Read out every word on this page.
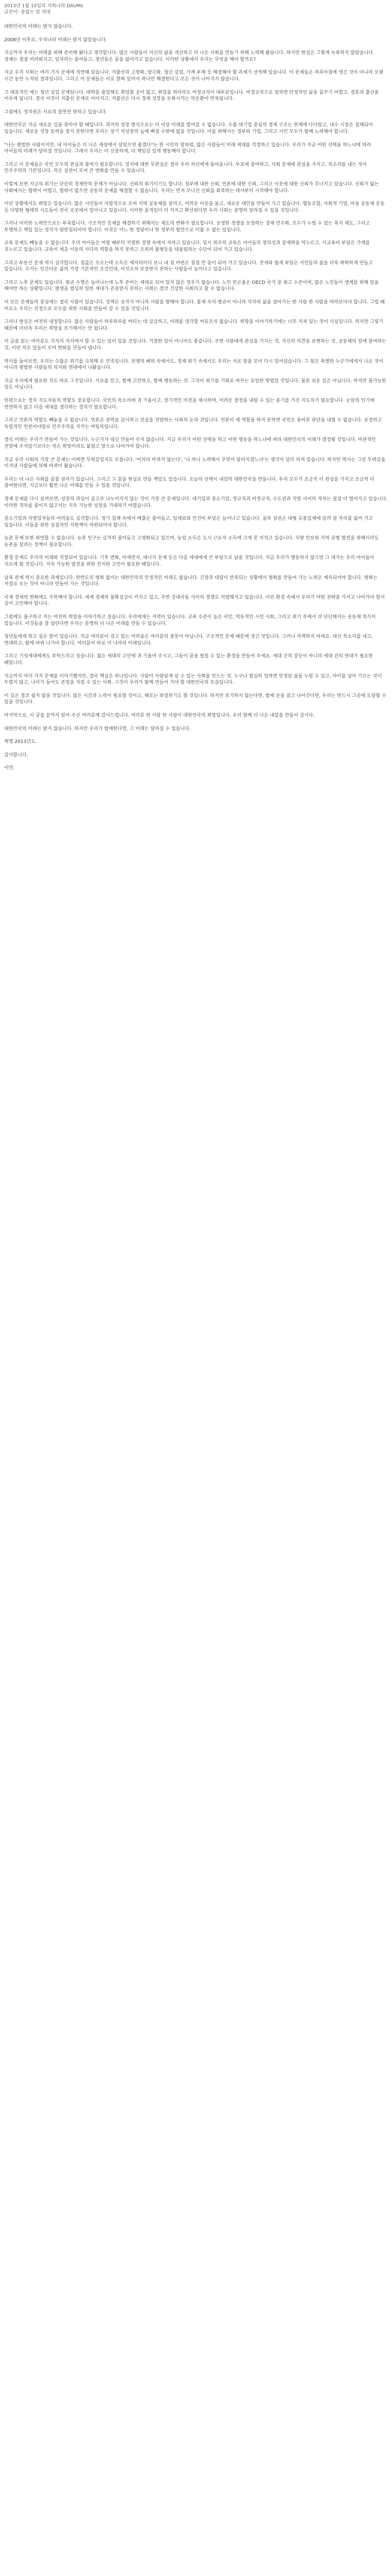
2013년 1월 10일의 저희나라 DAUMs

글쓴이: 솔없는 맘 적대

대한민국의 미래는 밝지 않습니다.

2008년 이후로, 우리나라 미래는 밝지 않았습니다.

지금까지 우리는 미래를 위해 준비해 왔다고 생각합니다. 많은 사람들이 자신의 삶을 개선하고 더 나은 사회를 만들기 위해 노력해 왔습니다. 하지만 현실은 그렇게 녹록하지 않았습니다. 경제는 점점 어려워지고, 일자리는 줄어들고, 청년들은 꿈을 잃어가고 있습니다. 이러한 상황에서 우리는 무엇을 해야 할까요?

지금 우리 사회는 여러 가지 문제에 직면해 있습니다. 저출산과 고령화, 양극화, 청년 실업, 가계 부채 등 해결해야 할 과제가 산적해 있습니다. 이 문제들은 하루아침에 생긴 것이 아니라 오랜 시간 동안 누적된 결과입니다. 그리고 이 문제들은 서로 얽혀 있어서 하나만 해결한다고 모든 것이 나아지지 않습니다.

그 대표적인 예는 청년 실업 문제입니다. 대학을 졸업해도 취업할 곳이 없고, 취업을 하더라도 비정규직이 대부분입니다. 비정규직으로 일하면 안정적인 삶을 꿈꾸기 어렵고, 결혼과 출산을 미루게 됩니다. 결국 이것이 저출산 문제로 이어지고, 저출산은 다시 경제 성장을 둔화시키는 악순환이 반복됩니다.

그럼에도 정치권은 서로의 잘못만 탓하고 있습니다.

대한민국은 지금 새로운 길을 찾아야 할 때입니다. 과거의 성장 방식으로는 더 이상 미래를 열어갈 수 없습니다. 수출 대기업 중심의 경제 구조는 한계에 다다랐고, 내수 시장은 침체되어 있습니다. 새로운 성장 동력을 찾지 못한다면 우리는 장기 저성장의 늪에 빠질 수밖에 없을 것입니다. 이를 위해서는 정부와 기업, 그리고 시민 모두가 함께 노력해야 합니다.

"나는 평범한 사람이지만, 내 아이들은 더 나은 세상에서 살았으면 좋겠다"는 한 시민의 말처럼, 많은 사람들이 미래 세대를 걱정하고 있습니다. 우리가 지금 어떤 선택을 하느냐에 따라 아이들의 미래가 달라질 것입니다. 그래서 우리는 더 신중하게, 더 책임감 있게 행동해야 합니다.

그리고 이 문제들은 국민 모두의 관심과 참여가 필요합니다. 정치에 대한 무관심은 결국 우리 자신에게 돌아옵니다. 투표에 참여하고, 사회 문제에 관심을 가지고, 목소리를 내는 것이 민주주의의 기본입니다. 작은 실천이 모여 큰 변화를 만들 수 있습니다.

이렇게 보면 지금의 위기는 단순히 경제만의 문제가 아닙니다. 신뢰의 위기이기도 합니다. 정부에 대한 신뢰, 언론에 대한 신뢰, 그리고 이웃에 대한 신뢰가 무너지고 있습니다. 신뢰가 없는 사회에서는 협력이 어렵고, 협력이 없으면 공동의 문제를 해결할 수 없습니다. 우리는 먼저 무너진 신뢰를 회복하는 데서부터 시작해야 합니다.

이런 상황에서도 희망은 있습니다. 많은 시민들이 자발적으로 모여 지역 공동체를 살리고, 어려운 이웃을 돕고, 새로운 대안을 만들어 가고 있습니다. 협동조합, 사회적 기업, 마을 공동체 운동 등 다양한 형태의 시도들이 전국 곳곳에서 일어나고 있습니다. 이러한 움직임이 더 커지고 확산된다면 우리 사회는 분명히 달라질 수 있을 것입니다.

그러나 이러한 노력만으로는 부족합니다. 구조적인 문제를 해결하기 위해서는 제도의 변화가 필요합니다. 공정한 경쟁을 보장하는 경제 민주화, 모두가 누릴 수 있는 복지 제도, 그리고 투명하고 책임 있는 정치가 뒷받침되어야 합니다. 이것은 어느 한 정당이나 한 정부의 힘만으로 이룰 수 없는 일입니다.

교육 문제도 빼놓을 수 없습니다. 우리 아이들은 어릴 때부터 치열한 경쟁 속에서 자라고 있습니다. 입시 위주의 교육은 아이들의 창의성과 잠재력을 억누르고, 사교육비 부담은 가계를 짓누르고 있습니다. 교육이 계층 이동의 사다리 역할을 하지 못하고 오히려 불평등을 대물림하는 수단이 되어 가고 있습니다.

그리고 부동산 문제 역시 심각합니다. 집값은 오르는데 소득은 제자리이다 보니 내 집 마련은 점점 먼 꿈이 되어 가고 있습니다. 전세와 월세 부담은 서민들의 삶을 더욱 팍팍하게 만들고 있습니다. 주거는 인간다운 삶의 가장 기본적인 조건인데, 이것조차 보장받지 못하는 사람들이 늘어나고 있습니다.

그리고 노후 문제도 있습니다. 평균 수명은 늘어나는데 노후 준비는 제대로 되어 있지 않은 경우가 많습니다. 노인 빈곤율은 OECD 국가 중 최고 수준이며, 많은 노인들이 생계를 위해 일을 해야만 하는 상황입니다. 평생을 열심히 일한 세대가 존중받지 못하는 사회는 결코 건강한 사회라고 할 수 없습니다.

이 모든 문제들의 중심에는 결국 사람이 있습니다. 정책은 숫자가 아니라 사람을 향해야 합니다. 통계 속의 평균이 아니라 각자의 삶을 살아가는 한 사람 한 사람을 바라보아야 합니다. 그럴 때 비로소 우리는 진정으로 모두를 위한 사회를 만들어 갈 수 있을 것입니다.

그러나 현실은 여전히 냉정합니다. 많은 사람들이 하루하루를 버티는 데 급급하고, 미래를 생각할 여유조차 없습니다. 희망을 이야기하기에는 너무 지쳐 있는 것이 사실입니다. 하지만 그렇기 때문에 더더욱 우리는 희망을 포기해서는 안 됩니다.

이 글을 읽는 여러분도 각자의 자리에서 할 수 있는 일이 있을 것입니다. 거창한 일이 아니어도 좋습니다. 주변 사람에게 관심을 가지는 것, 자신의 의견을 표현하는 것, 공동체의 일에 참여하는 것, 이런 작은 일들이 모여 변화를 만들어 냅니다.

역사를 돌아보면, 우리는 수많은 위기를 극복해 온 민족입니다. 전쟁의 폐허 속에서도, 경제 위기 속에서도 우리는 서로 힘을 모아 다시 일어섰습니다. 그 힘은 특별한 누군가에게서 나온 것이 아니라 평범한 사람들의 의지와 연대에서 나왔습니다.

지금 우리에게 필요한 것도 바로 그것입니다. 서로를 믿고, 함께 고민하고, 함께 행동하는 것. 그것이 위기를 기회로 바꾸는 유일한 방법일 것입니다. 물론 쉬운 일은 아닙니다. 하지만 불가능한 일도 아닙니다.

한편으로는 정치 지도자들의 역할도 중요합니다. 국민의 목소리에 귀 기울이고, 장기적인 비전을 제시하며, 어려운 결정을 내릴 수 있는 용기를 가진 지도자가 필요합니다. 눈앞의 인기에 연연하지 않고 다음 세대를 생각하는 정치가 필요합니다.

그리고 언론의 역할도 빼놓을 수 없습니다. 언론은 권력을 감시하고 진실을 전달하는 사회의 눈과 귀입니다. 언론이 제 역할을 하지 못하면 국민은 올바른 판단을 내릴 수 없습니다. 공정하고 독립적인 언론이야말로 민주주의를 지키는 버팀목입니다.

결국 미래는 우리가 만들어 가는 것입니다. 누군가가 대신 만들어 주지 않습니다. 지금 우리가 어떤 선택을 하고 어떤 행동을 하느냐에 따라 대한민국의 미래가 결정될 것입니다. 비관적인 전망에 주저앉기보다는 작은 희망이라도 붙잡고 앞으로 나아가야 합니다.

지금 우리 사회의 가장 큰 문제는 어쩌면 무력감일지도 모릅니다. '어차피 바뀌지 않는다', '나 하나 노력해서 무엇이 달라지겠느냐'는 생각이 널리 퍼져 있습니다. 하지만 역사는 그런 무력감을 이겨낸 사람들에 의해 바뀌어 왔습니다.

우리는 더 나은 사회를 꿈꿀 권리가 있습니다. 그리고 그 꿈을 현실로 만들 책임도 있습니다. 오늘의 선택이 내일의 대한민국을 만듭니다. 우리 모두가 조금씩 더 관심을 가지고 조금씩 더 참여한다면, 지금보다 훨씬 나은 미래를 만들 수 있을 것입니다.

경제 문제를 다시 살펴보면, 성장의 과실이 골고루 나누어지지 않는 것이 가장 큰 문제입니다. 대기업과 중소기업, 정규직과 비정규직, 수도권과 지방 사이의 격차는 점점 더 벌어지고 있습니다. 이러한 격차를 줄이지 않고서는 지속 가능한 성장을 기대하기 어렵습니다.

중소기업과 자영업자들의 어려움도 심각합니다. 경기 침체 속에서 매출은 줄어들고, 임대료와 인건비 부담은 늘어나고 있습니다. 골목 상권은 대형 유통업체에 밀려 설 자리를 잃어 가고 있습니다. 이들을 위한 실질적인 지원책이 마련되어야 합니다.

농촌 문제 또한 외면할 수 없습니다. 농촌 인구는 급격히 줄어들고 고령화되고 있으며, 농업 소득은 도시 근로자 소득에 크게 못 미치고 있습니다. 식량 안보와 지역 균형 발전을 위해서라도 농촌을 살리는 정책이 필요합니다.

환경 문제도 우리의 미래와 직결되어 있습니다. 기후 변화, 미세먼지, 에너지 문제 등은 다음 세대에게 큰 부담으로 남을 것입니다. 지금 우리가 행동하지 않으면 그 대가는 우리 아이들이 치르게 될 것입니다. 지속 가능한 발전을 위한 진지한 고민이 필요한 때입니다.

남북 관계 역시 중요한 과제입니다. 한반도의 평화 없이는 대한민국의 안정적인 미래도 없습니다. 긴장과 대립이 반복되는 상황에서 평화를 만들어 가는 노력은 계속되어야 합니다. 평화는 저절로 오는 것이 아니라 만들어 가는 것입니다.

국제 정세의 변화에도 주목해야 합니다. 세계 경제의 불확실성이 커지고 있고, 주변 강대국들 사이의 경쟁도 치열해지고 있습니다. 이런 환경 속에서 우리가 어떤 전략을 가지고 나아가야 할지 깊이 고민해야 합니다.

그럼에도 불구하고 저는 여전히 희망을 이야기하고 싶습니다. 우리에게는 저력이 있습니다. 교육 수준이 높은 국민, 역동적인 시민 사회, 그리고 위기 속에서 더 단단해지는 공동체 의식이 있습니다. 이것들을 잘 살린다면 우리는 분명히 더 나은 미래를 만들 수 있습니다.

청년들에게 하고 싶은 말이 있습니다. 지금 여러분이 겪고 있는 어려움은 여러분의 잘못이 아닙니다. 구조적인 문제 때문에 생긴 것입니다. 그러니 자책하지 마세요. 대신 목소리를 내고, 연대하고, 함께 바꿔 나가야 합니다. 여러분이 바로 이 나라의 미래입니다.

그리고 기성세대에게도 부탁드리고 싶습니다. 젊은 세대의 고민에 귀 기울여 주시고, 그들이 꿈을 펼칠 수 있는 환경을 만들어 주세요. 세대 간의 갈등이 아니라 세대 간의 연대가 필요한 때입니다.

지금까지 여러 가지 문제를 이야기했지만, 결국 핵심은 하나입니다. 사람이 사람답게 살 수 있는 사회를 만드는 것. 누구나 열심히 일하면 안정된 삶을 누릴 수 있고, 아이를 낳아 기르는 것이 두렵지 않고, 나이가 들어도 존엄을 지킬 수 있는 사회. 그것이 우리가 함께 만들어 가야 할 대한민국의 모습입니다.

이 길은 결코 쉽지 않을 것입니다. 많은 시간과 노력이 필요할 것이고, 때로는 좌절하기도 할 것입니다. 하지만 포기하지 않는다면, 함께 손을 잡고 나아간다면, 우리는 반드시 그곳에 도달할 수 있을 것입니다.

마지막으로, 이 글을 끝까지 읽어 주신 여러분께 감사드립니다. 여러분 한 사람 한 사람이 대한민국의 희망입니다. 우리 함께 더 나은 내일을 만들어 갑시다.

대한민국의 미래는 밝지 않습니다. 하지만 우리가 함께한다면, 그 미래는 달라질 수 있습니다.

혁명 2013년도.

감사합니다.

이만.
